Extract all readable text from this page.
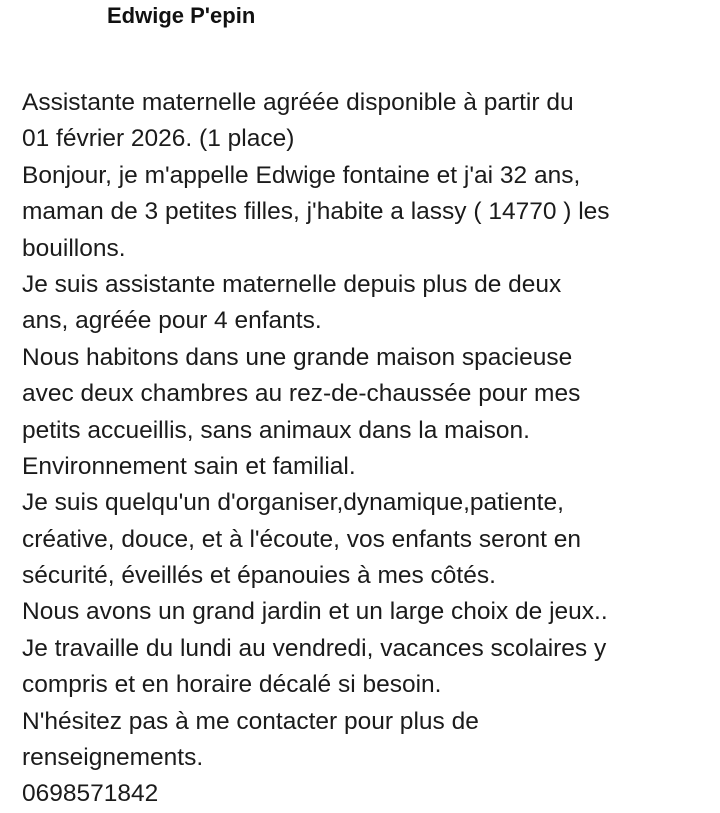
Edwige P'epin
Assistante maternelle agréée disponible à partir du
01 février 2026. (1 place)
Bonjour, je m'appelle Edwige fontaine et j'ai 32 ans,
maman de 3 petites filles, j'habite a lassy ( 14770 ) les
bouillons.
Je suis assistante maternelle depuis plus de deux
ans, agréée pour 4 enfants.
Nous habitons dans une grande maison spacieuse
avec deux chambres au rez-de-chaussée pour mes
petits accueillis, sans animaux dans la maison.
Environnement sain et familial.
Je suis quelqu'un d'organiser,dynamique,patiente,
créative, douce, et à l'écoute, vos enfants seront en
sécurité, éveillés et épanouies à mes côtés.
Nous avons un grand jardin et un large choix de jeux..
Je travaille du lundi au vendredi, vacances scolaires y
compris et en horaire décalé si besoin.
N'hésitez pas à me contacter pour plus de
renseignements.
0698571842
